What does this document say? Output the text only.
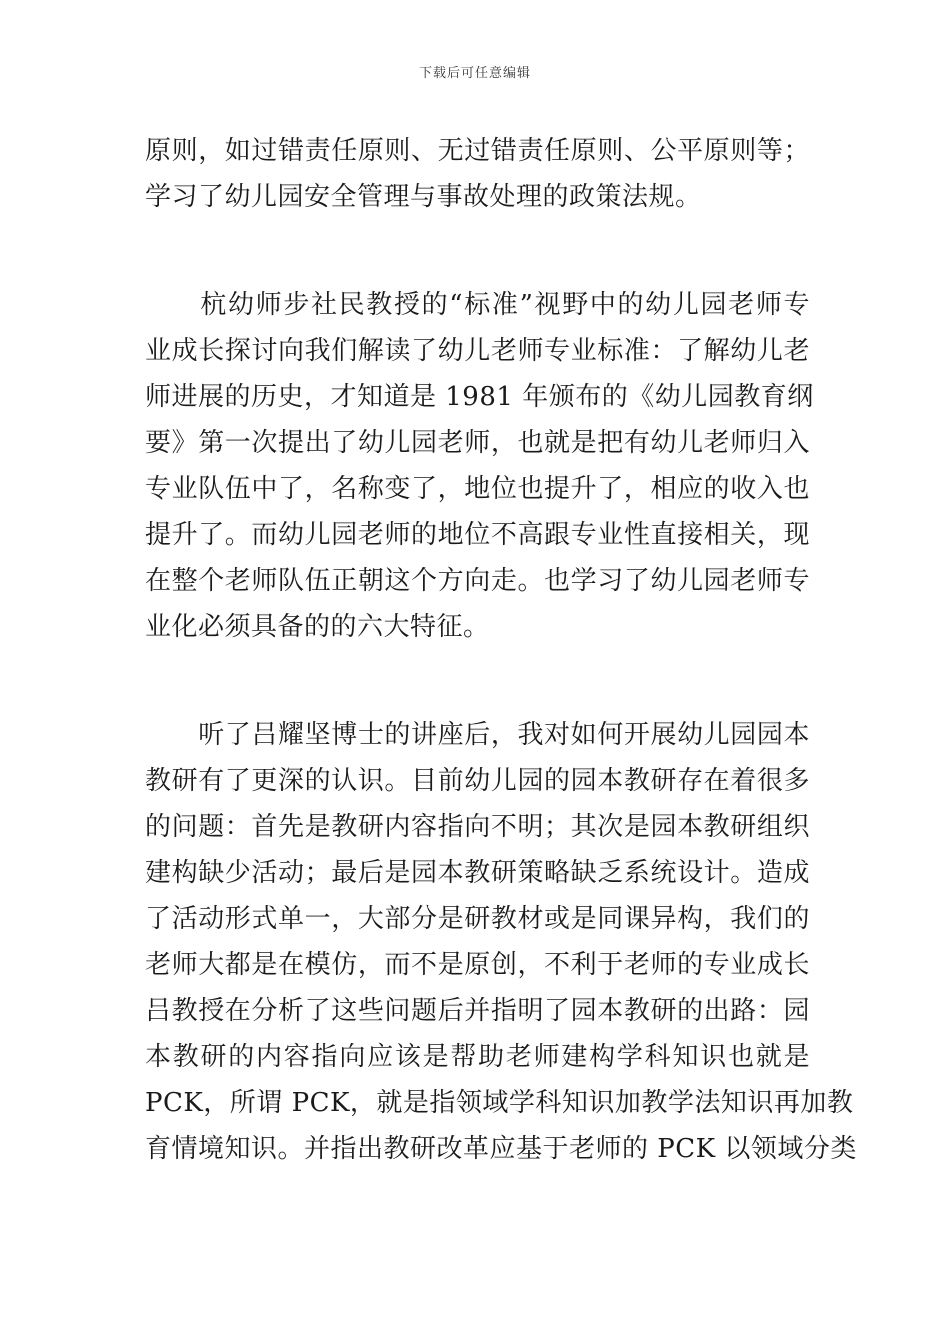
下载后可任意编辑
原则，如过错责任原则、无过错责任原则、公平原则等；
学习了幼儿园安全管理与事故处理的政策法规。
　　杭幼师步社民教授的“标准”视野中的幼儿园老师专
业成长探讨向我们解读了幼儿老师专业标准：了解幼儿老
师进展的历史，才知道是 1981 年颁布的《幼儿园教育纲
要》第一次提出了幼儿园老师，也就是把有幼儿老师归入
专业队伍中了，名称变了，地位也提升了，相应的收入也
提升了。而幼儿园老师的地位不高跟专业性直接相关，现
在整个老师队伍正朝这个方向走。也学习了幼儿园老师专
业化必须具备的的六大特征。
　　听了吕耀坚博士的讲座后，我对如何开展幼儿园园本
教研有了更深的认识。目前幼儿园的园本教研存在着很多
的问题：首先是教研内容指向不明；其次是园本教研组织
建构缺少活动；最后是园本教研策略缺乏系统设计。造成
了活动形式单一，大部分是研教材或是同课异构，我们的
老师大都是在模仿，而不是原创，不利于老师的专业成长
吕教授在分析了这些问题后并指明了园本教研的出路：园
本教研的内容指向应该是帮助老师建构学科知识也就是
PCK，所谓 PCK，就是指领域学科知识加教学法知识再加教
育情境知识。并指出教研改革应基于老师的 PCK 以领域分类
